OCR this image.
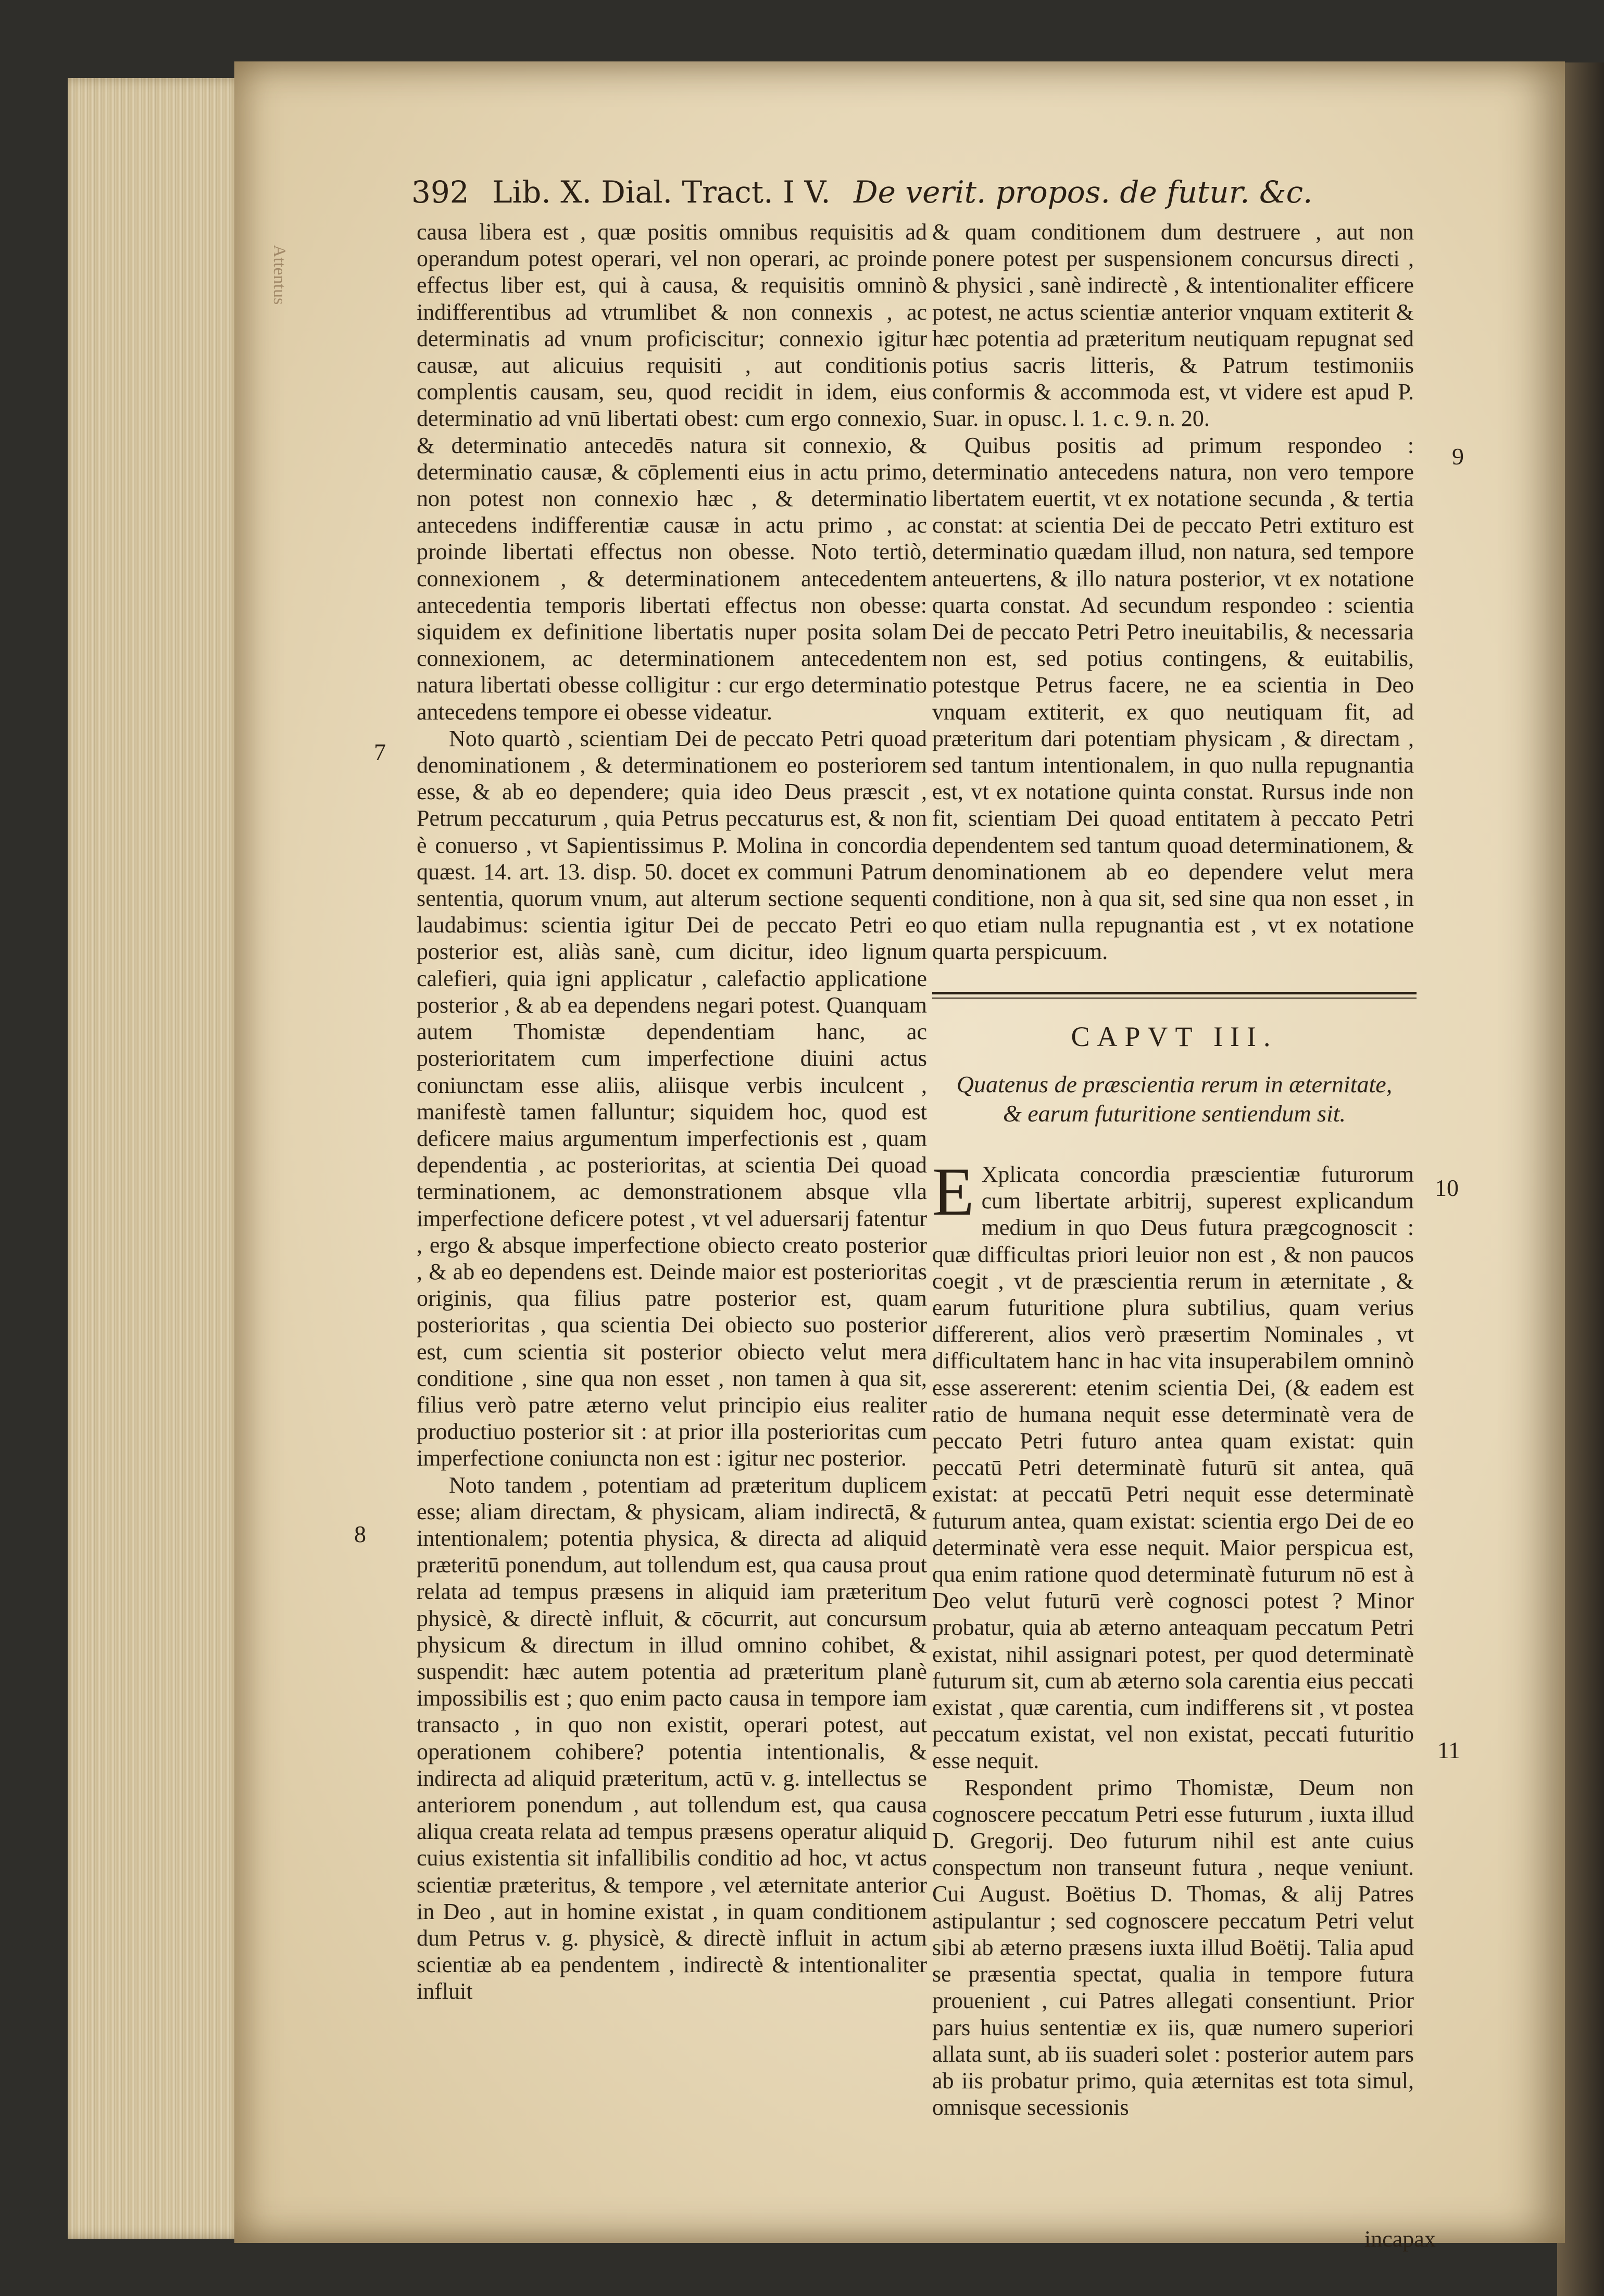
Attentus
392 Lib. X. Dial. Tract. I V. De verit. propos. de futur. &c.

causa libera est , quæ positis omnibus requisitis ad operandum potest operari, vel non operari, ac proinde effectus liber est, qui à causa, & requisitis omninò indifferentibus ad vtrumlibet & non connexis , ac determinatis ad vnum proficiscitur; connexio igitur causæ, aut alicuius requisiti , aut conditionis complentis causam, seu, quod recidit in idem, eius determinatio ad vnū libertati obest: cum ergo connexio, & determinatio antecedēs natura sit connexio, & determinatio causæ, & cōplementi eius in actu primo, non potest non connexio hæc , & determinatio antecedens indifferentiæ causæ in actu primo , ac proinde libertati effectus non obesse. Noto tertiò, connexionem , & determinationem antecedentem antecedentia temporis libertati effectus non obesse: siquidem ex definitione libertatis nuper posita solam connexionem, ac determinationem antecedentem natura libertati obesse colligitur : cur ergo determinatio antecedens tempore ei obesse videatur.

Noto quartò , scientiam Dei de peccato Petri quoad denominationem , & determinationem eo posteriorem esse, & ab eo dependere; quia ideo Deus præscit , Petrum peccaturum , quia Petrus peccaturus est, & non è conuerso , vt Sapientissimus P. Molina in concordia quæst. 14. art. 13. disp. 50. docet ex communi Patrum sententia, quorum vnum, aut alterum sectione sequenti laudabimus: scientia igitur Dei de peccato Petri eo posterior est, aliàs sanè, cum dicitur, ideo lignum calefieri, quia igni applicatur , calefactio applicatione posterior , & ab ea dependens negari potest. Quanquam autem Thomistæ dependentiam hanc, ac posterioritatem cum imperfectione diuini actus coniunctam esse aliis, aliisque verbis inculcent , manifestè tamen falluntur; siquidem hoc, quod est deficere maius argumentum imperfectionis est , quam dependentia , ac posterioritas, at scientia Dei quoad terminationem, ac demonstrationem absque vlla imperfectione deficere potest , vt vel aduersarij fatentur , ergo & absque imperfectione obiecto creato posterior , & ab eo dependens est. Deinde maior est posterioritas originis, qua filius patre posterior est, quam posterioritas , qua scientia Dei obiecto suo posterior est, cum scientia sit posterior obiecto velut mera conditione , sine qua non esset , non tamen à qua sit, filius verò patre æterno velut principio eius realiter productiuo posterior sit : at prior illa posterioritas cum imperfectione coniuncta non est : igitur nec posterior.

Noto tandem , potentiam ad præteritum duplicem esse; aliam directam, & physicam, aliam indirectā, & intentionalem; potentia physica, & directa ad aliquid præteritū ponendum, aut tollendum est, qua causa prout relata ad tempus præsens in aliquid iam præteritum physicè, & directè influit, & cōcurrit, aut concursum physicum & directum in illud omnino cohibet, & suspendit: hæc autem potentia ad præteritum planè impossibilis est ; quo enim pacto causa in tempore iam transacto , in quo non existit, operari potest, aut operationem cohibere? potentia intentionalis, & indirecta ad aliquid præteritum, actū v. g. intellectus se anteriorem ponendum , aut tollendum est, qua causa aliqua creata relata ad tempus præsens operatur aliquid cuius existentia sit infallibilis conditio ad hoc, vt actus scientiæ præteritus, & tempore , vel æternitate anterior in Deo , aut in homine existat , in quam conditionem dum Petrus v. g. physicè, & directè influit in actum scientiæ ab ea pendentem , indirectè & intentionaliter influit

7
8
9
10
11

& quam conditionem dum destruere , aut non ponere potest per suspensionem concursus directi , & physici , sanè indirectè , & intentionaliter efficere potest, ne actus scientiæ anterior vnquam extiterit & hæc potentia ad præteritum neutiquam repugnat sed potius sacris litteris, & Patrum testimoniis conformis & accommoda est, vt videre est apud P. Suar. in opusc. l. 1. c. 9. n. 20.

Quibus positis ad primum respondeo : determinatio antecedens natura, non vero tempore libertatem euertit, vt ex notatione secunda , & tertia constat: at scientia Dei de peccato Petri extituro est determinatio quædam illud, non natura, sed tempore anteuertens, & illo natura posterior, vt ex notatione quarta constat. Ad secundum respondeo : scientia Dei de peccato Petri Petro ineuitabilis, & necessaria non est, sed potius contingens, & euitabilis, potestque Petrus facere, ne ea scientia in Deo vnquam extiterit, ex quo neutiquam fit, ad præteritum dari potentiam physicam , & directam , sed tantum intentionalem, in quo nulla repugnantia est, vt ex notatione quinta constat. Rursus inde non fit, scientiam Dei quoad entitatem à peccato Petri dependentem sed tantum quoad determinationem, & denominationem ab eo dependere velut mera conditione, non à qua sit, sed sine qua non esset , in quo etiam nulla repugnantia est , vt ex notatione quarta perspicuum.

CAPVT III.
Quatenus de præscientia rerum in æternitate,
& earum futuritione sentiendum sit.

E Xplicata concordia præscientiæ futurorum cum libertate arbitrij, superest explicandum medium in quo Deus futura prægcognoscit : quæ difficultas priori leuior non est , & non paucos coegit , vt de præscientia rerum in æternitate , & earum futuritione plura subtilius, quam verius differerent, alios verò præsertim Nominales , vt difficultatem hanc in hac vita insuperabilem omninò esse assererent: etenim scientia Dei, (& eadem est ratio de humana nequit esse determinatè vera de peccato Petri futuro antea quam existat: quin peccatū Petri determinatè futurū sit antea, quā existat: at peccatū Petri nequit esse determinatè futurum antea, quam existat: scientia ergo Dei de eo determinatè vera esse nequit. Maior perspicua est, qua enim ratione quod determinatè futurum nō est à Deo velut futurū verè cognosci potest ? Minor probatur, quia ab æterno anteaquam peccatum Petri existat, nihil assignari potest, per quod determinatè futurum sit, cum ab æterno sola carentia eius peccati existat , quæ carentia, cum indifferens sit , vt postea peccatum existat, vel non existat, peccati futuritio esse nequit.

Respondent primo Thomistæ, Deum non cognoscere peccatum Petri esse futurum , iuxta illud D. Gregorij. Deo futurum nihil est ante cuius conspectum non transeunt futura , neque veniunt. Cui August. Boëtius D. Thomas, & alij Patres astipulantur ; sed cognoscere peccatum Petri velut sibi ab æterno præsens iuxta illud Boëtij. Talia apud se præsentia spectat, qualia in tempore futura prouenient , cui Patres allegati consentiunt. Prior pars huius sententiæ ex iis, quæ numero superiori allata sunt, ab iis suaderi solet : posterior autem pars ab iis probatur primo, quia æternitas est tota simul, omnisque secessionis

incapax
